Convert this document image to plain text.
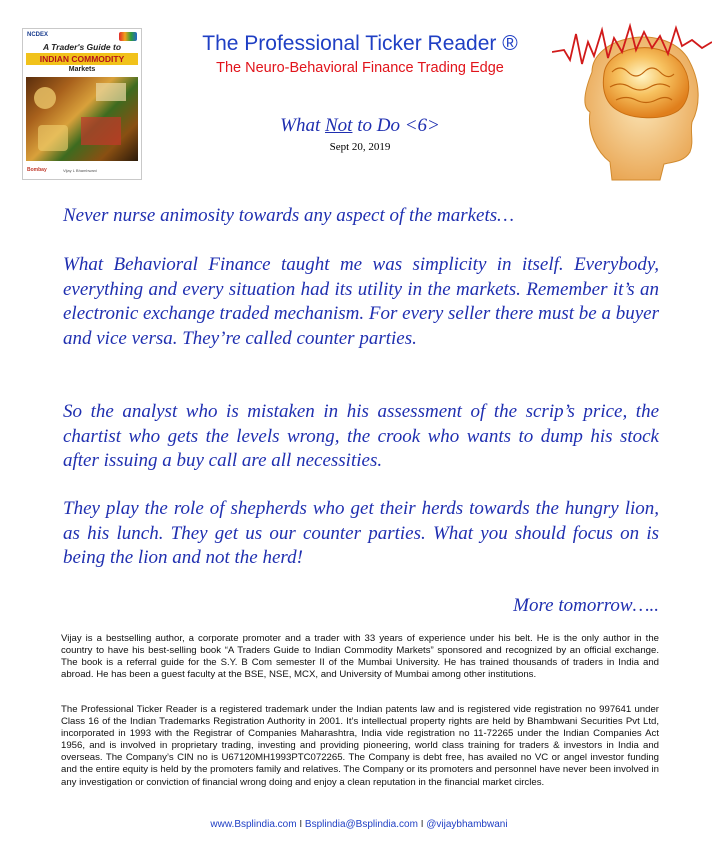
NCDEX
A Trader's Guide to
INDIAN COMMODITY
Markets
Bombay	Vijay L Bhambwani
The Professional Ticker Reader ®
The Neuro-Behavioral Finance Trading Edge
What Not to Do <6>
Sept 20, 2019
Never nurse animosity towards any aspect of the markets…
What Behavioral Finance taught me was simplicity in itself. Everybody, everything and every situation had its utility in the markets. Remember it’s an electronic exchange traded mechanism. For every seller there must be a buyer and vice versa. They’re called counter parties.
So the analyst who is mistaken in his assessment of the scrip’s price, the chartist who gets the levels wrong, the crook who wants to dump his stock after issuing a buy call are all necessities.
They play the role of shepherds who get their herds towards the hungry lion, as his lunch. They get us our counter parties. What you should focus on is being the lion and not the herd!
More tomorrow…..
Vijay is a bestselling author, a corporate promoter and a trader with 33 years of experience under his belt. He is the only author in the country to have his best-selling book “A Traders Guide to Indian Commodity Markets” sponsored and recognized by an official exchange. The book is a referral guide for the S.Y. B Com semester II of the Mumbai University. He has trained thousands of traders in India and abroad. He has been a guest faculty at the BSE, NSE, MCX, and University of Mumbai among other institutions.
The Professional Ticker Reader is a registered trademark under the Indian patents law and is registered vide registration no 997641 under Class 16 of the Indian Trademarks Registration Authority in 2001. It’s intellectual property rights are held by Bhambwani Securities Pvt Ltd, incorporated in 1993 with the Registrar of Companies Maharashtra, India vide registration no 11-72265 under the Indian Companies Act 1956, and is involved in proprietary trading, investing and providing pioneering, world class training for traders & investors in India and overseas. The Company’s CIN no is U67120MH1993PTC072265. The Company is debt free, has availed no VC or angel investor funding and the entire equity is held by the promoters family and relatives. The Company or its promoters and personnel have never been involved in any investigation or conviction of financial wrong doing and enjoy a clean reputation in the financial market circles.
www.Bsplindia.com I Bsplindia@Bsplindia.com I @vijaybhambwani
